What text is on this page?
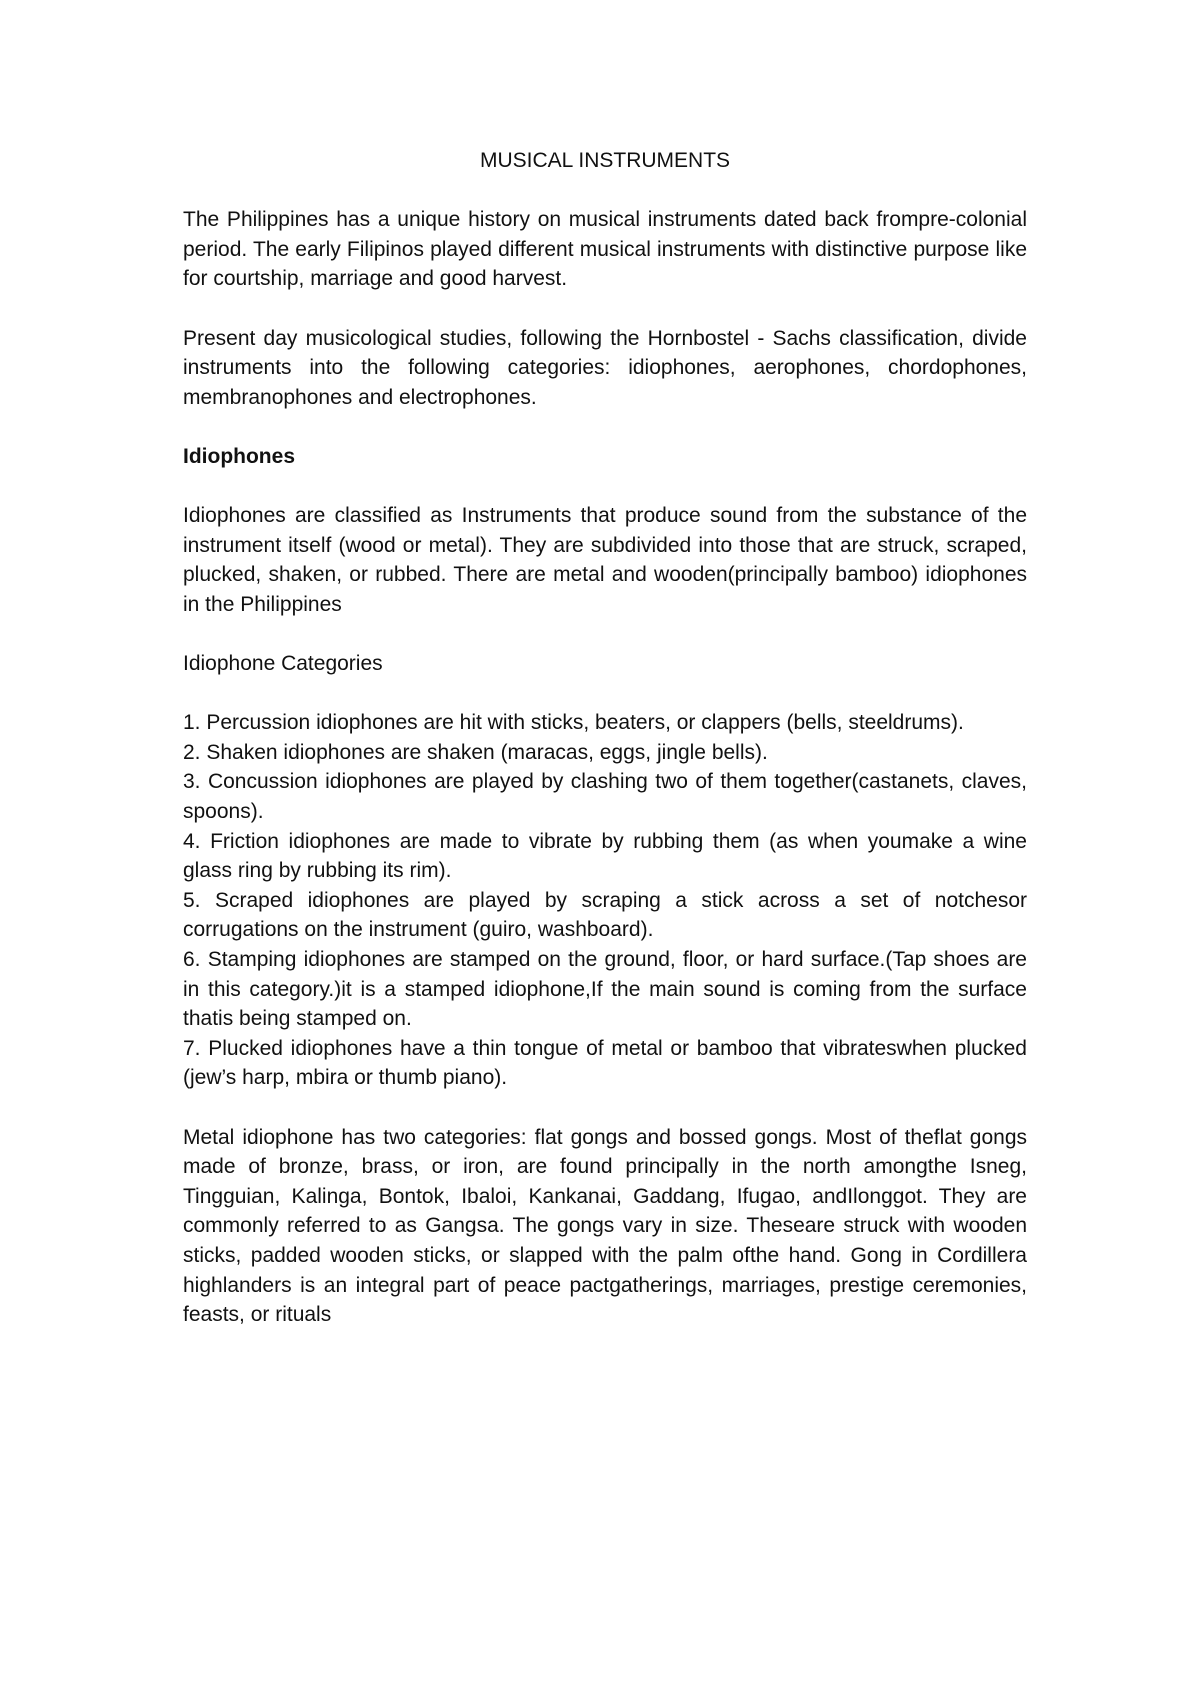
MUSICAL INSTRUMENTS

The Philippines has a unique history on musical instruments dated back frompre-colonial period. The early Filipinos played different musical instruments with distinctive purpose like for courtship, marriage and good harvest.

Present day musicological studies, following the Hornbostel - Sachs classification, divide instruments into the following categories: idiophones, aerophones, chordophones, membranophones and electrophones.

Idiophones

Idiophones are classified as Instruments that produce sound from the substance of the instrument itself (wood or metal). They are subdivided into those that are struck, scraped, plucked, shaken, or rubbed. There are metal and wooden(principally bamboo) idiophones in the Philippines

Idiophone Categories
1. Percussion idiophones are hit with sticks, beaters, or clappers (bells, steeldrums).
2. Shaken idiophones are shaken (maracas, eggs, jingle bells).
3. Concussion idiophones are played by clashing two of them together(castanets, claves, spoons).
4. Friction idiophones are made to vibrate by rubbing them (as when youmake a wine glass ring by rubbing its rim).
5. Scraped idiophones are played by scraping a stick across a set of notchesor corrugations on the instrument (guiro, washboard).
6. Stamping idiophones are stamped on the ground, floor, or hard surface.(Tap shoes are in this category.)it is a stamped idiophone,If the main sound is coming from the surface thatis being stamped on.
7. Plucked idiophones have a thin tongue of metal or bamboo that vibrateswhen plucked (jew’s harp, mbira or thumb piano).

Metal idiophone has two categories: flat gongs and bossed gongs. Most of theflat gongs made of bronze, brass, or iron, are found principally in the north amongthe Isneg, Tingguian, Kalinga, Bontok, Ibaloi, Kankanai, Gaddang, Ifugao, andIlonggot. They are commonly referred to as Gangsa. The gongs vary in size. Theseare struck with wooden sticks, padded wooden sticks, or slapped with the palm ofthe hand. Gong in Cordillera highlanders is an integral part of peace pactgatherings, marriages, prestige ceremonies, feasts, or rituals
